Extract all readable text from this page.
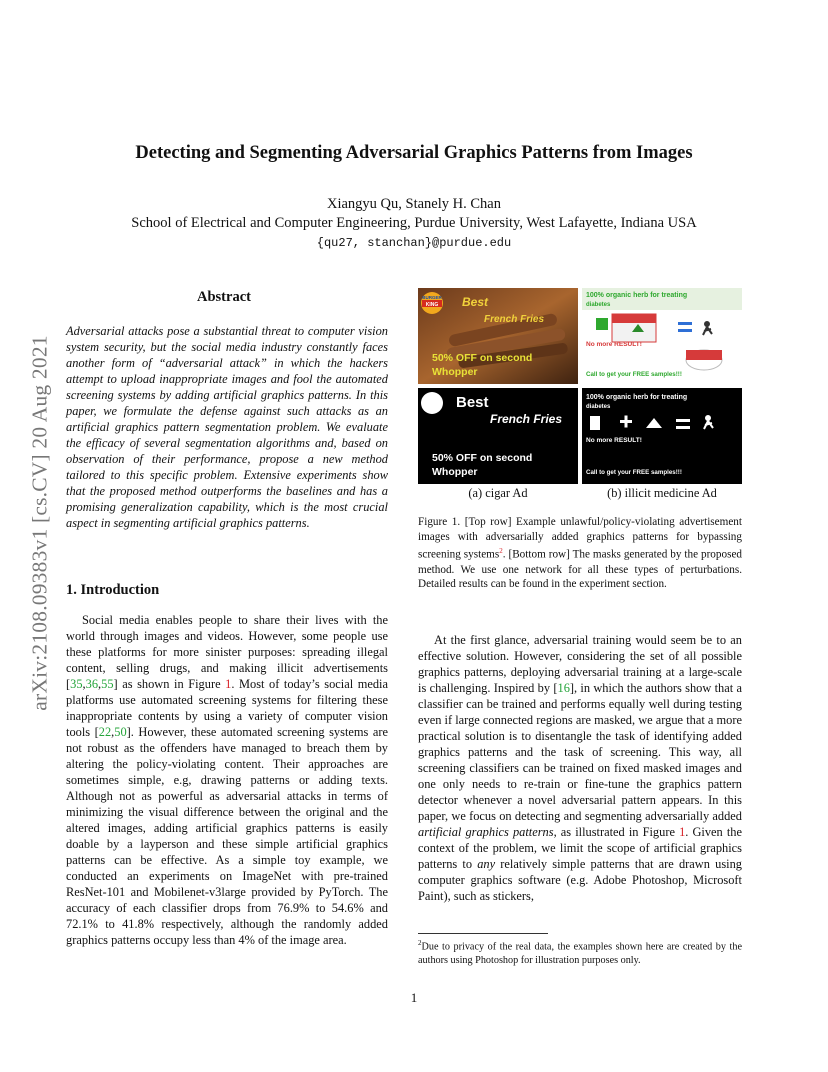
Detecting and Segmenting Adversarial Graphics Patterns from Images
Xiangyu Qu, Stanely H. Chan
School of Electrical and Computer Engineering, Purdue University, West Lafayette, Indiana USA
{qu27, stanchan}@purdue.edu
arXiv:2108.09383v1 [cs.CV] 20 Aug 2021
Abstract
Adversarial attacks pose a substantial threat to computer vision system security, but the social media industry constantly faces another form of “adversarial attack” in which the hackers attempt to upload inappropriate images and fool the automated screening systems by adding artificial graphics patterns. In this paper, we formulate the defense against such attacks as an artificial graphics pattern segmentation problem. We evaluate the efficacy of several segmentation algorithms and, based on observation of their performance, propose a new method tailored to this specific problem. Extensive experiments show that the proposed method outperforms the baselines and has a promising generalization capability, which is the most crucial aspect in segmenting artificial graphics patterns.
1. Introduction
Social media enables people to share their lives with the world through images and videos. However, some people use these platforms for more sinister purposes: spreading illegal content, selling drugs, and making illicit advertisements [35,36,55] as shown in Figure 1. Most of today’s social media platforms use automated screening systems for filtering these inappropriate contents by using a variety of computer vision tools [22,50]. However, these automated screening systems are not robust as the offenders have managed to breach them by altering the policy-violating content. Their approaches are sometimes simple, e.g, drawing patterns or adding texts. Although not as powerful as adversarial attacks in terms of minimizing the visual difference between the original and the altered images, adding artificial graphics patterns is easily doable by a layperson and these simple artificial graphics patterns can be effective. As a simple toy example, we conducted an experiments on ImageNet with pre-trained ResNet-101 and Mobilenet-v3large provided by PyTorch. The accuracy of each classifier drops from 76.9% to 54.6% and 72.1% to 41.8% respectively, although the randomly added graphics patterns occupy less than 4% of the image area.
BURGER
KING Best
French Fries
50% OFF on second
Whopper
100% organic herb for treating
diabetes
No more RESULT!
Call to get your FREE samples!!!
Best
French Fries
50% OFF on second
Whopper
100% organic herb for treating
diabetes
No more RESULT!
Call to get your FREE samples!!!
(a) cigar Ad	(b) illicit medicine Ad
Figure 1. [Top row] Example unlawful/policy-violating advertisement images with adversarially added graphics patterns for bypassing screening systems$^2$. [Bottom row] The masks generated by the proposed method. We use one network for all these types of perturbations. Detailed results can be found in the experiment section.
At the first glance, adversarial training would seem be to an effective solution. However, considering the set of all possible graphics patterns, deploying adversarial training at a large-scale is challenging. Inspired by [16], in which the authors show that a classifier can be trained and performs equally well during testing even if large connected regions are masked, we argue that a more practical solution is to disentangle the task of identifying added graphics patterns and the task of screening. This way, all screening classifiers can be trained on fixed masked images and one only needs to re-train or fine-tune the graphics pattern detector whenever a novel adversarial pattern appears. In this paper, we focus on detecting and segmenting adversarially added artificial graphics patterns, as illustrated in Figure 1. Given the context of the problem, we limit the scope of artificial graphics patterns to any relatively simple patterns that are drawn using computer graphics software (e.g. Adobe Photoshop, Microsoft Paint), such as stickers,
$^2$Due to privacy of the real data, the examples shown here are created by the authors using Photoshop for illustration purposes only.
1
